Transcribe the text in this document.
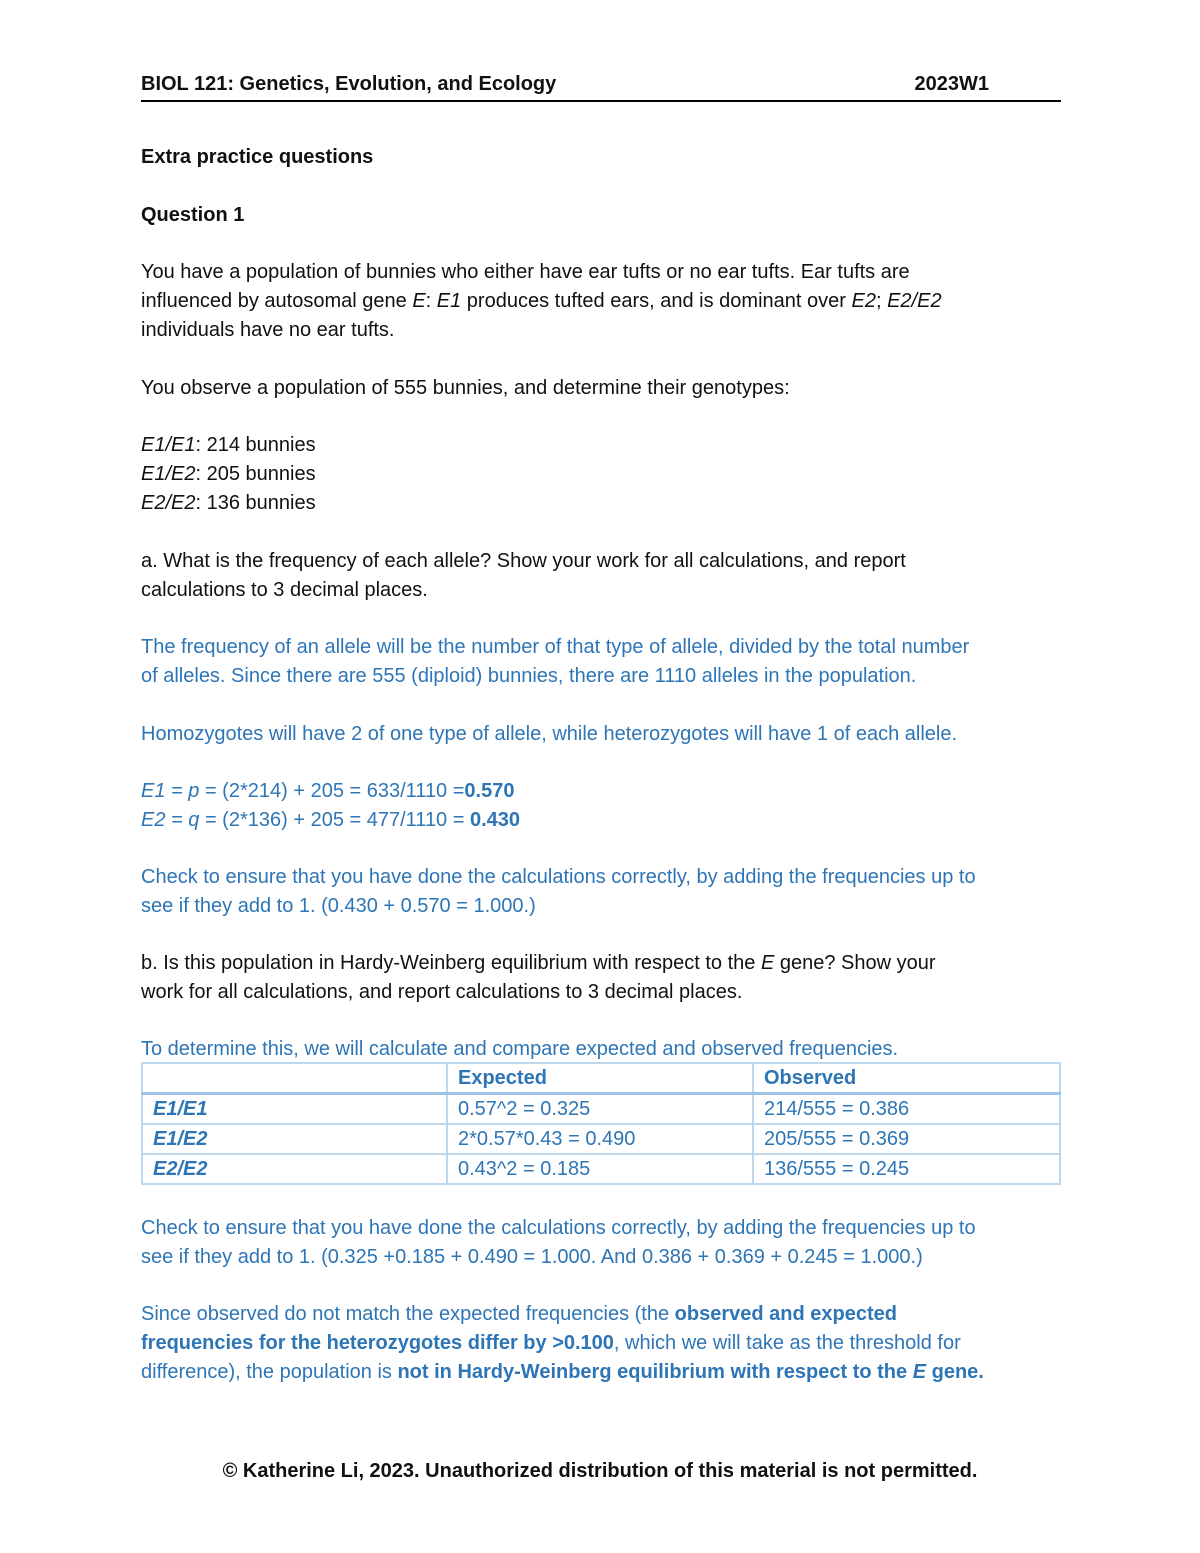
BIOL 121: Genetics, Evolution, and Ecology	2023W1
Extra practice questions
Question 1
You have a population of bunnies who either have ear tufts or no ear tufts. Ear tufts are
influenced by autosomal gene E: E1 produces tufted ears, and is dominant over E2; E2/E2
individuals have no ear tufts.
You observe a population of 555 bunnies, and determine their genotypes:
E1/E1: 214 bunnies
E1/E2: 205 bunnies
E2/E2: 136 bunnies
a. What is the frequency of each allele? Show your work for all calculations, and report
calculations to 3 decimal places.
The frequency of an allele will be the number of that type of allele, divided by the total number
of alleles. Since there are 555 (diploid) bunnies, there are 1110 alleles in the population.
Homozygotes will have 2 of one type of allele, while heterozygotes will have 1 of each allele.
E1 = p = (2*214) + 205 = 633/1110 =0.570
E2 = q = (2*136) + 205 = 477/1110 = 0.430
Check to ensure that you have done the calculations correctly, by adding the frequencies up to
see if they add to 1. (0.430 + 0.570 = 1.000.)
b. Is this population in Hardy-Weinberg equilibrium with respect to the E gene? Show your
work for all calculations, and report calculations to 3 decimal places.
To determine this, we will calculate and compare expected and observed frequencies.
	Expected	Observed
E1/E1	0.57^2 = 0.325	214/555 = 0.386
E1/E2	2*0.57*0.43 = 0.490	205/555 = 0.369
E2/E2	0.43^2 = 0.185	136/555 = 0.245
Check to ensure that you have done the calculations correctly, by adding the frequencies up to
see if they add to 1. (0.325 +0.185 + 0.490 = 1.000. And 0.386 + 0.369 + 0.245 = 1.000.)
Since observed do not match the expected frequencies (the observed and expected
frequencies for the heterozygotes differ by >0.100, which we will take as the threshold for
difference), the population is not in Hardy-Weinberg equilibrium with respect to the E gene.
© Katherine Li, 2023. Unauthorized distribution of this material is not permitted.
